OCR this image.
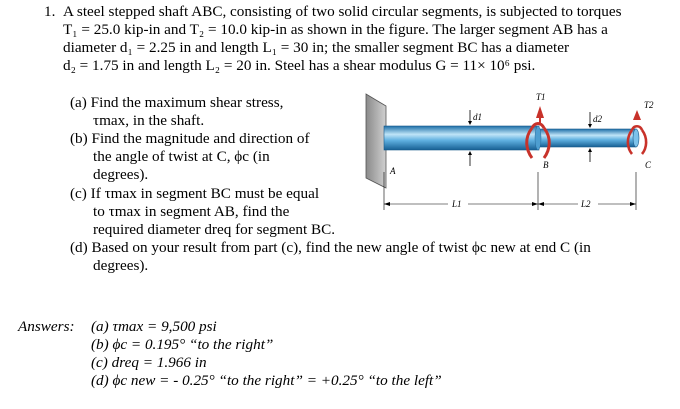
1. A steel stepped shaft ABC, consisting of two solid circular segments, is subjected to torques
T₁ = 25.0 kip-in and T₂ = 10.0 kip-in as shown in the figure. The larger segment AB has a
diameter d₁ = 2.25 in and length L₁ = 30 in; the smaller segment BC has a diameter
d₂ = 1.75 in and length L₂ = 20 in. Steel has a shear modulus G = 11× 10⁶ psi.
(a) Find the maximum shear stress,
τmax, in the shaft.
(b) Find the magnitude and direction of
the angle of twist at C, ϕc (in
degrees).
(c) If τmax in segment BC must be equal
to τmax in segment AB, find the
required diameter dreq for segment BC.
(d) Based on your result from part (c), find the new angle of twist ϕc new at end C (in
degrees).
A
B	C
T1
T2
d1	d2
L1	L2
Answers: (a) τmax = 9,500 psi
(b) ϕc = 0.195° “to the right”
(c) dreq = 1.966 in
(d) ϕc new = - 0.25° “to the right” = +0.25° “to the left”
